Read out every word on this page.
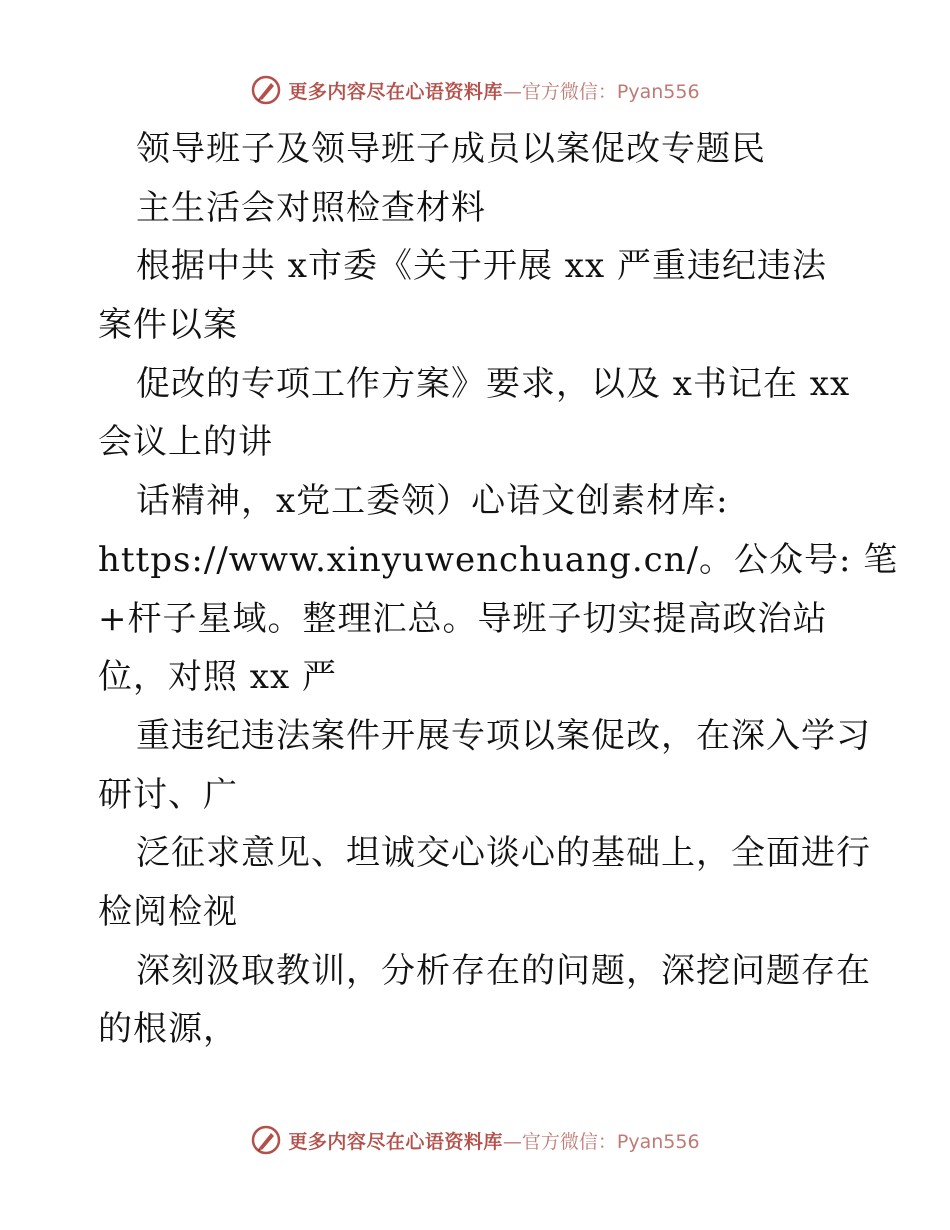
更多内容尽在心语资料库 —官方微信：Pyan556
领导班子及领导班子成员以案促改专题民
主生活会对照检查材料
根据中共 x市委《关于开展 xx 严重违纪违法
案件以案
促改的专项工作方案》要求，以及 x书记在 xx
会议上的讲
话精神，x党工委领）心语文创素材库:
https://www.xinyuwenchuang.cn/。公众号: 笔
+杆子星域。整理汇总。导班子切实提高政治站
位，对照 xx 严
重违纪违法案件开展专项以案促改，在深入学习
研讨、广
泛征求意见、坦诚交心谈心的基础上，全面进行
检阅检视
深刻汲取教训，分析存在的问题，深挖问题存在
的根源，
更多内容尽在心语资料库 —官方微信：Pyan556
